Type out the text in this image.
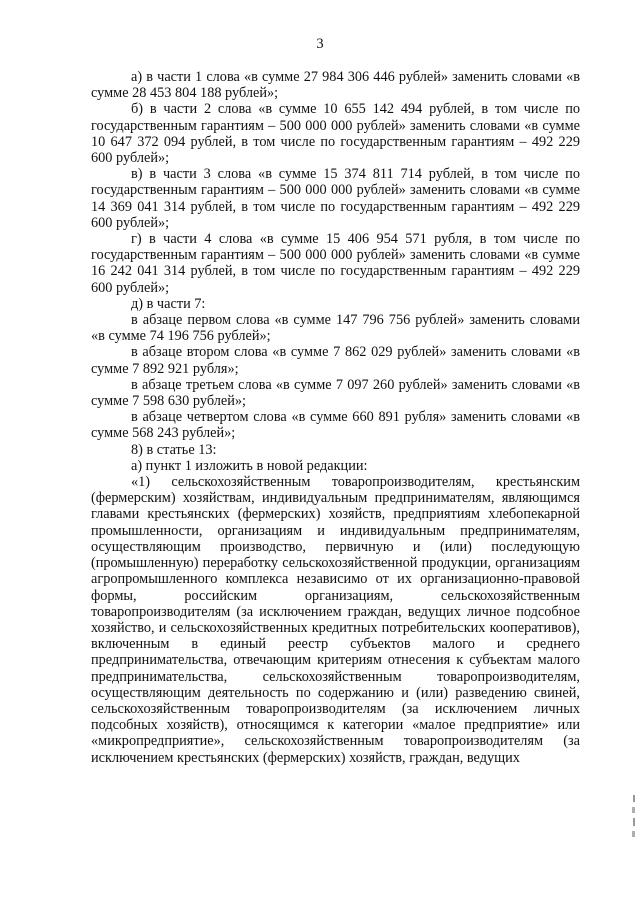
3

а) в части 1 слова «в сумме 27 984 306 446 рублей» заменить словами «в сумме 28 453 804 188 рублей»;

б) в части 2 слова «в сумме 10 655 142 494 рублей, в том числе по государственным гарантиям – 500 000 000 рублей» заменить словами «в сумме 10 647 372 094 рублей, в том числе по государственным гарантиям – 492 229 600 рублей»;

в) в части 3 слова «в сумме 15 374 811 714 рублей, в том числе по государственным гарантиям – 500 000 000 рублей» заменить словами «в сумме 14 369 041 314 рублей, в том числе по государственным гарантиям – 492 229 600 рублей»;

г) в части 4 слова «в сумме 15 406 954 571 рубля, в том числе по государственным гарантиям – 500 000 000 рублей» заменить словами «в сумме 16 242 041 314 рублей, в том числе по государственным гарантиям – 492 229 600 рублей»;

д) в части 7:

в абзаце первом слова «в сумме 147 796 756 рублей» заменить словами «в сумме 74 196 756 рублей»;

в абзаце втором слова «в сумме 7 862 029 рублей» заменить словами «в сумме 7 892 921 рубля»;

в абзаце третьем слова «в сумме 7 097 260 рублей» заменить словами «в сумме 7 598 630 рублей»;

в абзаце четвертом слова «в сумме 660 891 рубля» заменить словами «в сумме 568 243 рублей»;

8) в статье 13:

а) пункт 1 изложить в новой редакции:

«1) сельскохозяйственным товаропроизводителям, крестьянским (фермерским) хозяйствам, индивидуальным предпринимателям, являющимся главами крестьянских (фермерских) хозяйств, предприятиям хлебопекарной промышленности, организациям и индивидуальным предпринимателям, осуществляющим производство, первичную и (или) последующую (промышленную) переработку сельскохозяйственной продукции, организациям агропромышленного комплекса независимо от их организационно-правовой формы, российским организациям, сельскохозяйственным товаропроизводителям (за исключением граждан, ведущих личное подсобное хозяйство, и сельскохозяйственных кредитных потребительских кооперативов), включенным в единый реестр субъектов малого и среднего предпринимательства, отвечающим критериям отнесения к субъектам малого предпринимательства, сельскохозяйственным товаропроизводителям, осуществляющим деятельность по содержанию и (или) разведению свиней, сельскохозяйственным товаропроизводителям (за исключением личных подсобных хозяйств), относящимся к категории «малое предприятие» или «микропредприятие», сельскохозяйственным товаропроизводителям (за исключением крестьянских (фермерских) хозяйств, граждан, ведущих
